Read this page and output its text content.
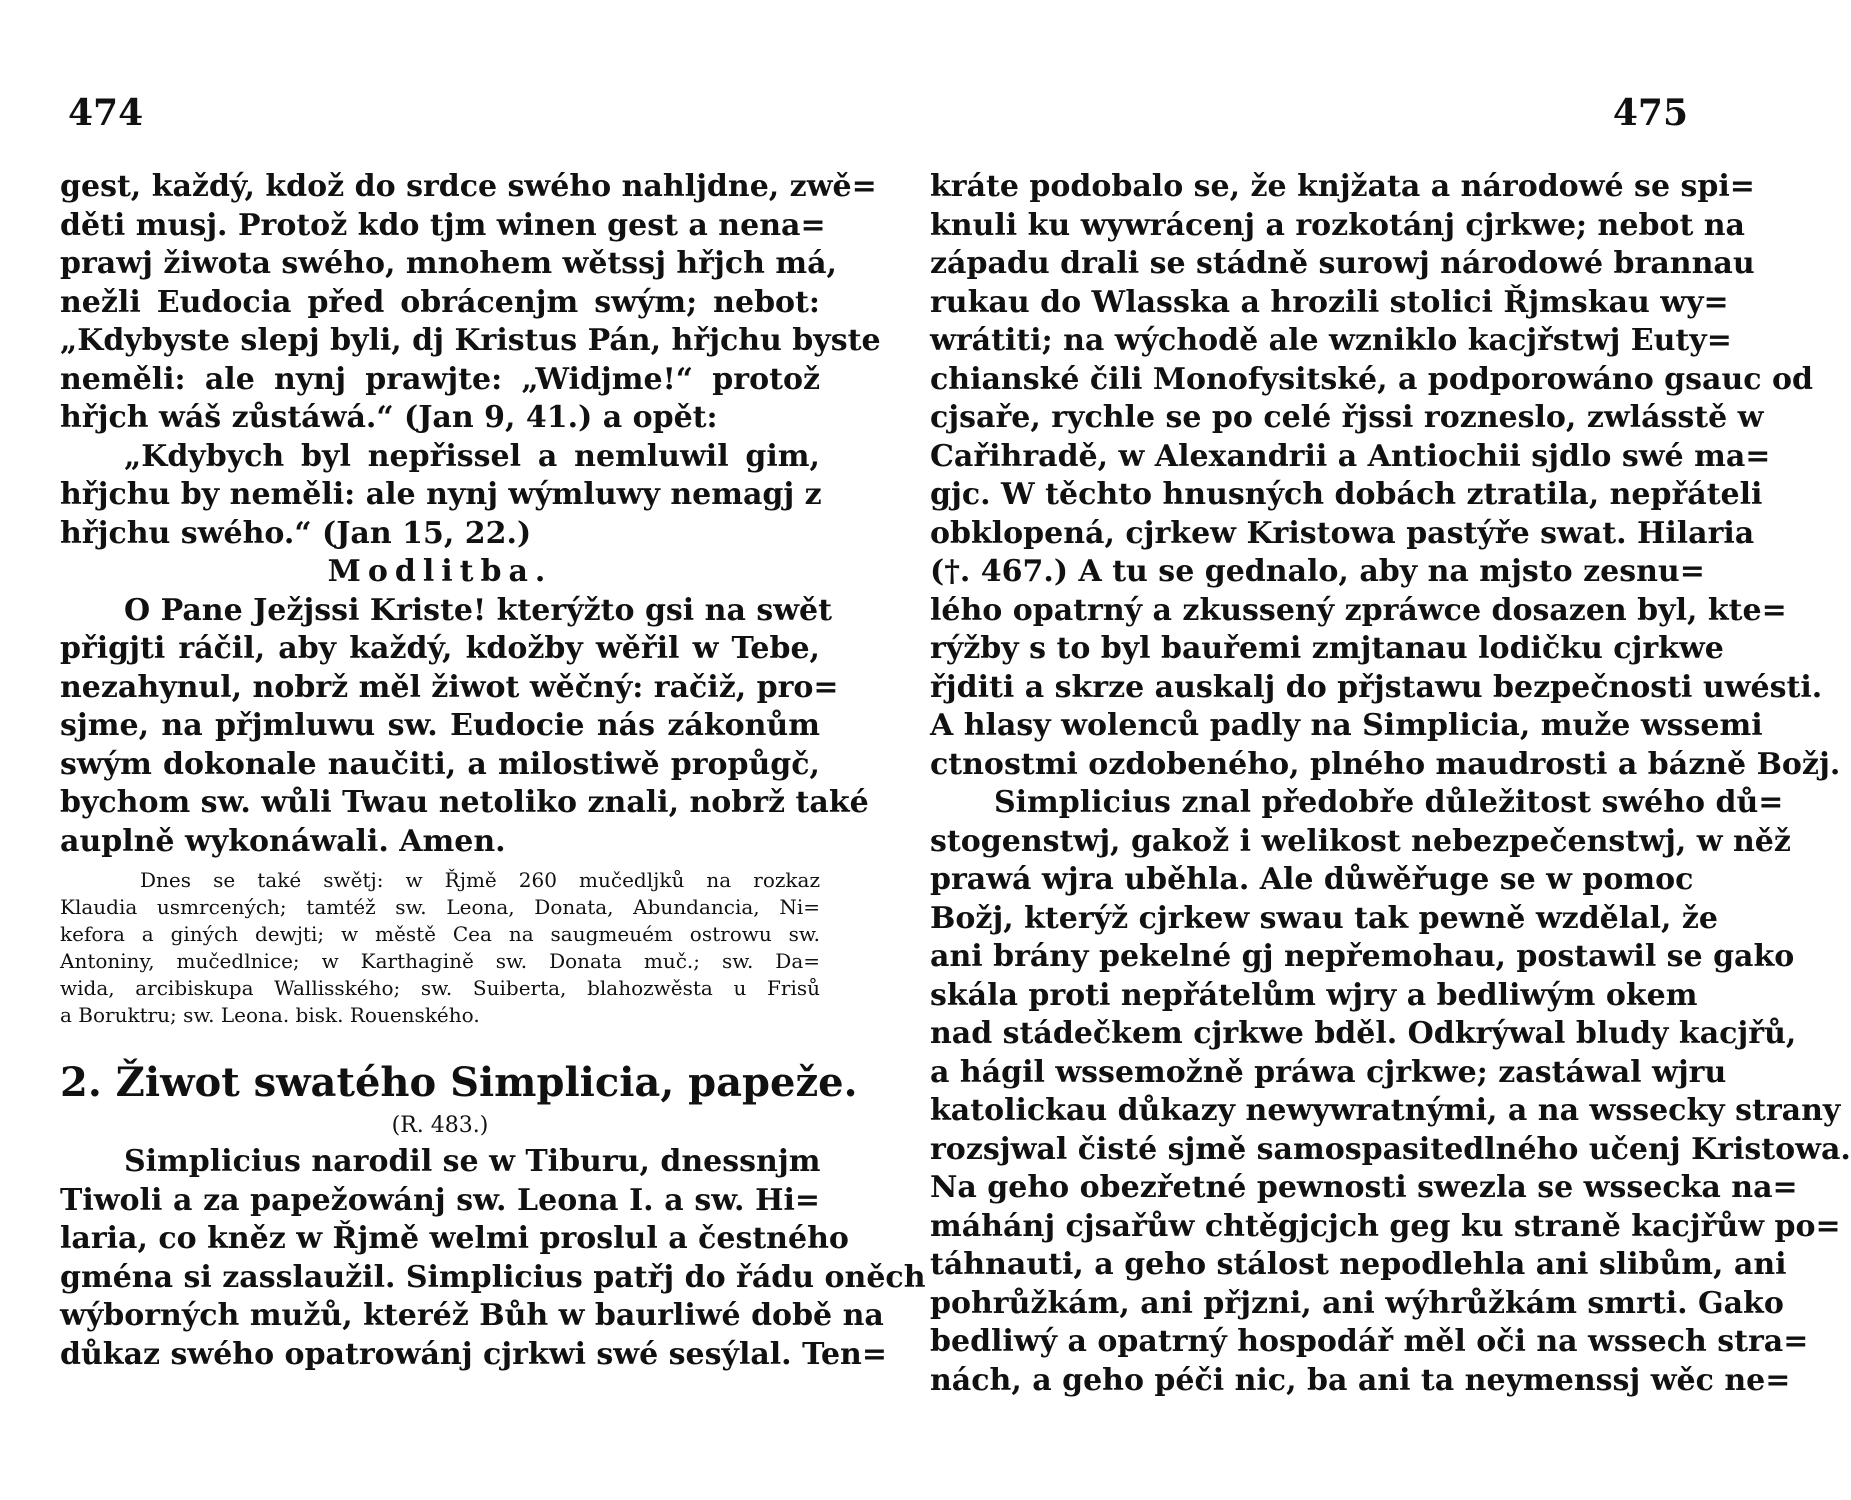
474
gest, každý, kdož do srdce swého nahljdne, zwě=
děti musj. Protož kdo tjm winen gest a nena=
prawj žiwota swého, mnohem wětssj hřjch má,
nežli Eudocia před obrácenjm swým; nebot:
„Kdybyste slepj byli, dj Kristus Pán, hřjchu byste
neměli: ale nynj prawjte: „Widjme!“ protož
hřjch wáš zůstáwá.“ (Jan 9, 41.) a opět:
„Kdybych byl nepřissel a nemluwil gim,
hřjchu by neměli: ale nynj wýmluwy nemagj z
hřjchu swého.“ (Jan 15, 22.)
Modlitba.
O Pane Ježjssi Kriste! kterýžto gsi na swět
přigjti ráčil, aby každý, kdožby wěřil w Tebe,
nezahynul, nobrž měl žiwot wěčný: račiž, pro=
sjme, na přjmluwu sw. Eudocie nás zákonům
swým dokonale naučiti, a milostiwě propůgč,
bychom sw. wůli Twau netoliko znali, nobrž také
auplně wykonáwali. Amen.
Dnes se také swětj: w Řjmě 260 mučedljků na rozkaz
Klaudia usmrcených; tamtéž sw. Leona, Donata, Abundancia, Ni=
kefora a giných dewjti; w městě Cea na saugmeuém ostrowu sw.
Antoniny, mučedlnice; w Karthagině sw. Donata muč.; sw. Da=
wida, arcibiskupa Wallisského; sw. Suiberta, blahozwěsta u Frisů
a Boruktru; sw. Leona. bisk. Rouenského.
2. Žiwot swatého Simplicia, papeže.
(R. 483.)
Simplicius narodil se w Tiburu, dnessnjm
Tiwoli a za papežowánj sw. Leona I. a sw. Hi=
laria, co kněz w Řjmě welmi proslul a čestného
gména si zasslaužil. Simplicius patřj do řádu oněch
wýborných mužů, kteréž Bůh w baurliwé době na
důkaz swého opatrowánj cjrkwi swé sesýlal. Ten=
475
kráte podobalo se, že knjžata a národowé se spi=
knuli ku wywrácenj a rozkotánj cjrkwe; nebot na
západu drali se stádně surowj národowé brannau
rukau do Wlasska a hrozili stolici Řjmskau wy=
wrátiti; na wýchodě ale wzniklo kacjřstwj Euty=
chianské čili Monofysitské, a podporowáno gsauc od
cjsaře, rychle se po celé řjssi rozneslo, zwlásstě w
Cařihradě, w Alexandrii a Antiochii sjdlo swé ma=
gjc. W těchto hnusných dobách ztratila, nepřáteli
obklopená, cjrkew Kristowa pastýře swat. Hilaria
(†. 467.) A tu se gednalo, aby na mjsto zesnu=
lého opatrný a zkussený zpráwce dosazen byl, kte=
rýžby s to byl bauřemi zmjtanau lodičku cjrkwe
řjditi a skrze auskalj do přjstawu bezpečnosti uwésti.
A hlasy wolenců padly na Simplicia, muže wssemi
ctnostmi ozdobeného, plného maudrosti a bázně Božj.
Simplicius znal předobře důležitost swého dů=
stogenstwj, gakož i welikost nebezpečenstwj, w něž
prawá wjra uběhla. Ale důwěřuge se w pomoc
Božj, kterýž cjrkew swau tak pewně wzdělal, že
ani brány pekelné gj nepřemohau, postawil se gako
skála proti nepřátelům wjry a bedliwým okem
nad stádečkem cjrkwe bděl. Odkrýwal bludy kacjřů,
a hágil wssemožně práwa cjrkwe; zastáwal wjru
katolickau důkazy newywratnými, a na wssecky strany
rozsjwal čisté sjmě samospasitedlného učenj Kristowa.
Na geho obezřetné pewnosti swezla se wssecka na=
máhánj cjsařůw chtěgjcjch geg ku straně kacjřůw po=
táhnauti, a geho stálost nepodlehla ani slibům, ani
pohrůžkám, ani přjzni, ani wýhrůžkám smrti. Gako
bedliwý a opatrný hospodář měl oči na wssech stra=
nách, a geho péči nic, ba ani ta neymenssj wěc ne=
